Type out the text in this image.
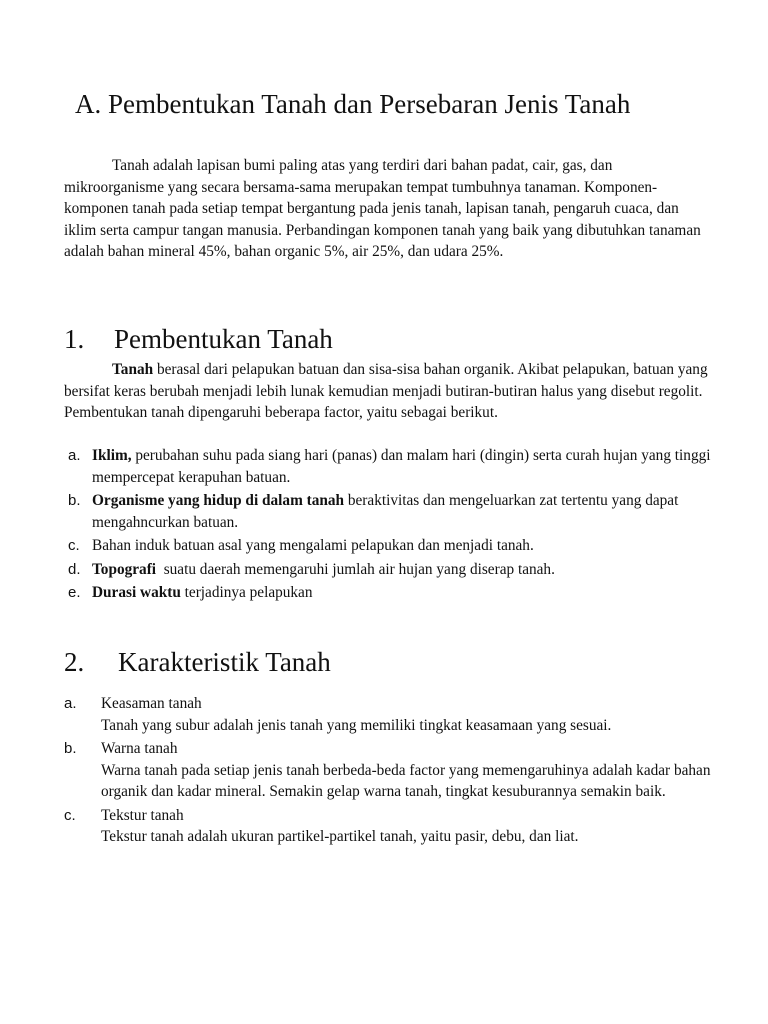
A. Pembentukan Tanah dan Persebaran Jenis Tanah

Tanah adalah lapisan bumi paling atas yang terdiri dari bahan padat, cair, gas, dan mikroorganisme yang secara bersama-sama merupakan tempat tumbuhnya tanaman. Komponen-komponen tanah pada setiap tempat bergantung pada jenis tanah, lapisan tanah, pengaruh cuaca, dan iklim serta campur tangan manusia. Perbandingan komponen tanah yang baik yang dibutuhkan tanaman adalah bahan mineral 45%, bahan organic 5%, air 25%, dan udara 25%.

1. Pembentukan Tanah

Tanah berasal dari pelapukan batuan dan sisa-sisa bahan organik. Akibat pelapukan, batuan yang bersifat keras berubah menjadi lebih lunak kemudian menjadi butiran-butiran halus yang disebut regolit. Pembentukan tanah dipengaruhi beberapa factor, yaitu sebagai berikut.

a. Iklim, perubahan suhu pada siang hari (panas) dan malam hari (dingin) serta curah hujan yang tinggi mempercepat kerapuhan batuan.
b. Organisme yang hidup di dalam tanah beraktivitas dan mengeluarkan zat tertentu yang dapat mengahncurkan batuan.
c. Bahan induk batuan asal yang mengalami pelapukan dan menjadi tanah.
d. Topografi  suatu daerah memengaruhi jumlah air hujan yang diserap tanah.
e. Durasi waktu terjadinya pelapukan
2. Karakteristik Tanah
a. Keasaman tanah
Tanah yang subur adalah jenis tanah yang memiliki tingkat keasamaan yang sesuai.
b. Warna tanah
Warna tanah pada setiap jenis tanah berbeda-beda factor yang memengaruhinya adalah kadar bahan organik dan kadar mineral. Semakin gelap warna tanah, tingkat kesuburannya semakin baik.
c. Tekstur tanah
Tekstur tanah adalah ukuran partikel-partikel tanah, yaitu pasir, debu, dan liat.
